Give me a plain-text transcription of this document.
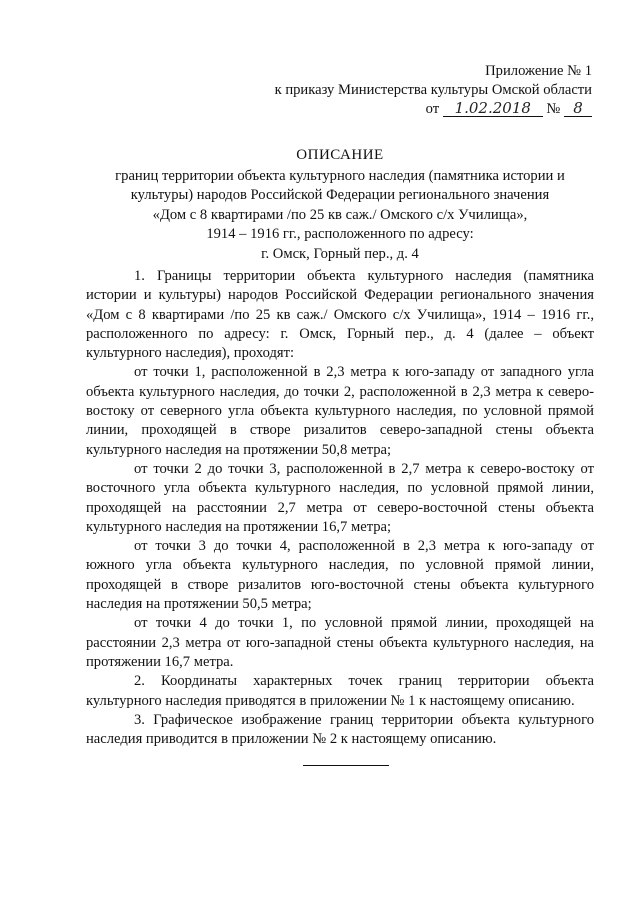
Приложение № 1
к приказу Министерства культуры Омской области
от 1.02.2018 № 8
ОПИСАНИЕ
границ территории объекта культурного наследия (памятника истории и
культуры) народов Российской Федерации регионального значения
«Дом с 8 квартирами /по 25 кв саж./ Омского с/х Училища»,
1914 – 1916 гг., расположенного по адресу:
г. Омск, Горный пер., д. 4

1. Границы территории объекта культурного наследия (памятника истории и культуры) народов Российской Федерации регионального значения «Дом с 8 квартирами /по 25 кв саж./ Омского с/х Училища», 1914 – 1916 гг., расположенного по адресу: г. Омск, Горный пер., д. 4 (далее – объект культурного наследия), проходят:

от точки 1, расположенной в 2,3 метра к юго-западу от западного угла объекта культурного наследия, до точки 2, расположенной в 2,3 метра к северо-востоку от северного угла объекта культурного наследия, по условной прямой линии, проходящей в створе ризалитов северо-западной стены объекта культурного наследия на протяжении 50,8 метра;

от точки 2 до точки 3, расположенной в 2,7 метра к северо-востоку от восточного угла объекта культурного наследия, по условной прямой линии, проходящей на расстоянии 2,7 метра от северо-восточной стены объекта культурного наследия на протяжении 16,7 метра;

от точки 3 до точки 4, расположенной в 2,3 метра к юго-западу от южного угла объекта культурного наследия, по условной прямой линии, проходящей в створе ризалитов юго-восточной стены объекта культурного наследия на протяжении 50,5 метра;

от точки 4 до точки 1, по условной прямой линии, проходящей на расстоянии 2,3 метра от юго-западной стены объекта культурного наследия, на протяжении 16,7 метра.

2. Координаты характерных точек границ территории объекта культурного наследия приводятся в приложении № 1 к настоящему описанию.

3. Графическое изображение границ территории объекта культурного наследия приводится в приложении № 2 к настоящему описанию.
